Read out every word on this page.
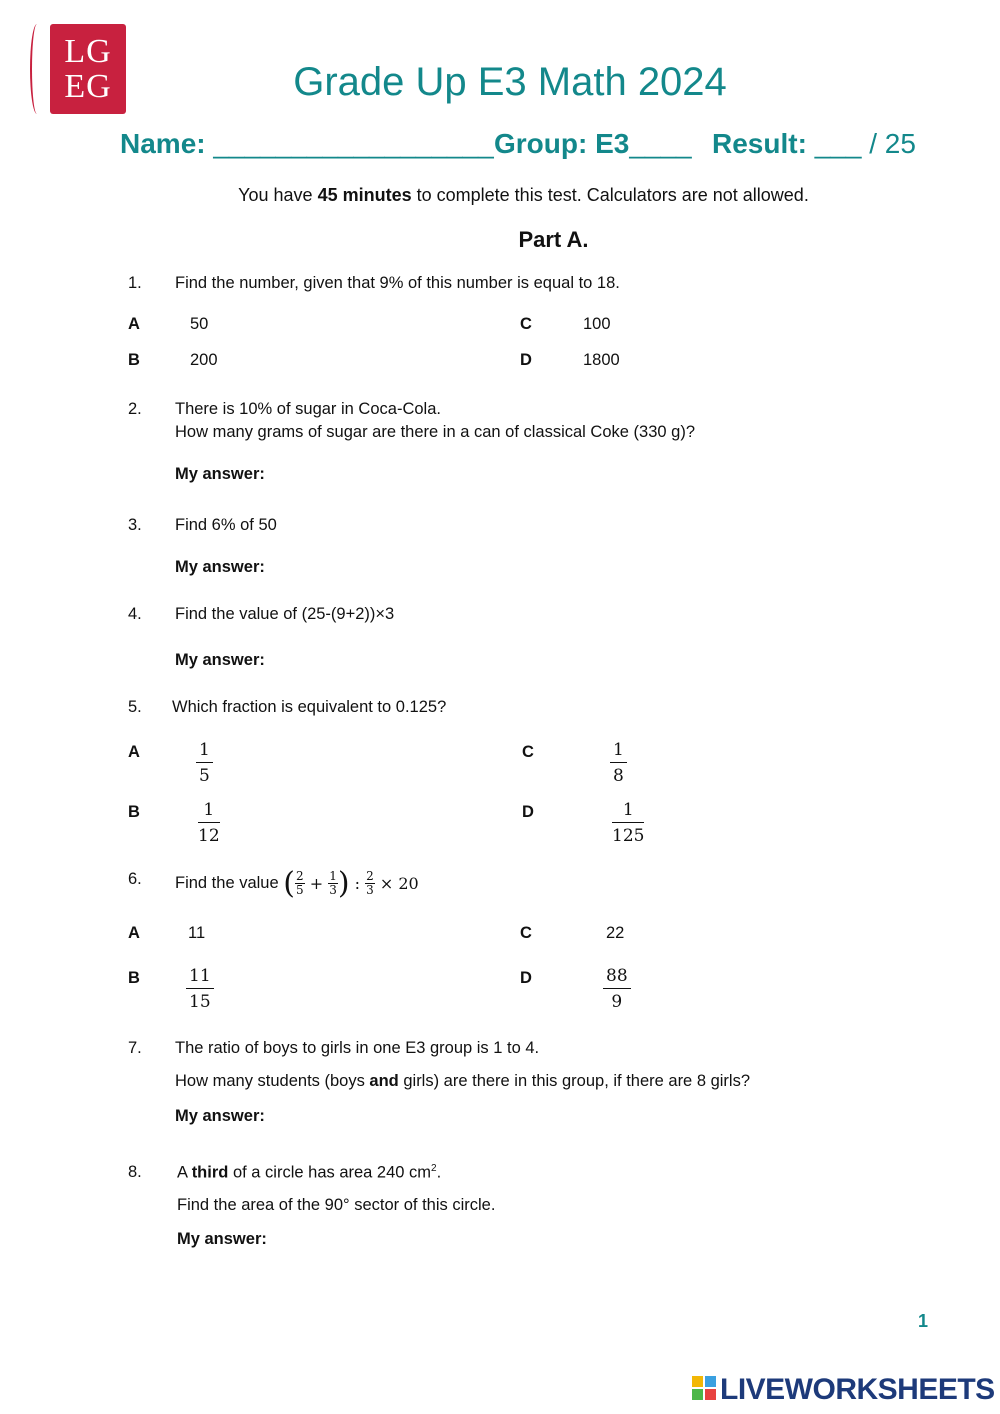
LG
EG	Grade Up E3 Math 2024
Name: __________________ Group: E3____ Result: ___ / 25
You have 45 minutes to complete this test. Calculators are not allowed.
Part A.
1. Find the number, given that 9% of this number is equal to 18.
A	50
B	200
C	100
D	1800
2. There is 10% of sugar in Coca-Cola.
How many grams of sugar are there in a can of classical Coke (330 g)?
My answer:
3. Find 6% of 50
My answer:
4. Find the value of (25-(9+2))×3
My answer:
5. Which fraction is equivalent to 0.125?
A	$\frac{1}{5}$
B	$\frac{1}{12}$
C	$\frac{1}{8}$
D	$\frac{1}{125}$
6. Find the value ( $\frac{2}{5} + \frac{1}{3}$ ) : $\frac{2}{3} \times 20$
A	11
B	$\frac{11}{15}$
C	22
D	$\frac{88}{9}$
7. The ratio of boys to girls in one E3 group is 1 to 4.
How many students (boys and girls) are there in this group, if there are 8 girls?
My answer:
8. A third of a circle has area 240 $cm^2$.
Find the area of the 90° sector of this circle.
My answer:
1
LIVEWORKSHEETS
